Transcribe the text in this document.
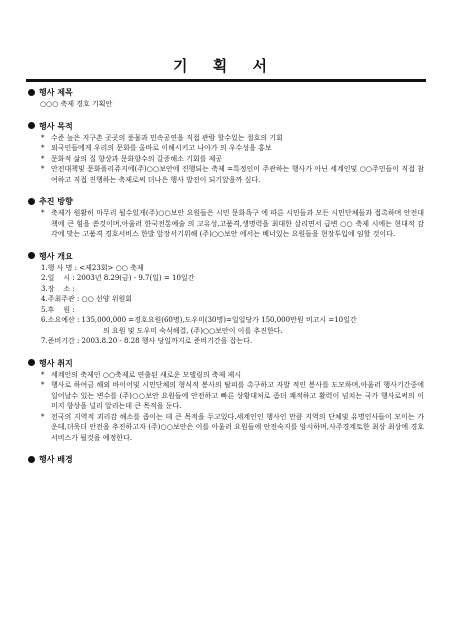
기 획 서
행사 제목
○○○ 축제 경호 기획안
행사 목적
* 수준 높은 지구촌 곳곳의 풍물과 민속공연을 직접 관람 할수있는 절호의 기회
* 외국인들에게 우리의 문화를 올바로 이해시키고 나아가 의 우수성을 홍보
* 문화적 삶의 질 향상과 문화향수의 갈증해소 기회를 제공
* 안전대책및 문화폴리쥬지에(주)○○보안에 진행되는 축제 =특정인이 주관하는 행사가 아닌 세계인및 ○○주민들이 직접 참여하고 직접 진행하는 축제로써 더나은 행사 발전이 되기앞을까 싶다.
추진 방향
* 축제가 원활히 마무리 될수있게(주)○○보안 요원들은 시민 문화욕구 에 따른 시민들과 모든 시민단체들과 접촉하며 안전대책에 큰 힘을 쏟것이며,아울러 한국전통예술 의 고유성,고품격,생명력을 최대한 살리면서 급변 ○○ 축제 시에는 현대적 감각에 맞는 고품격 경호서비스 한발 앞장서기위해 (주)○○보안 에서는 베너있는 요원들을 현장투입에 임할 것이다.
행사 개요
1.행 사 명 : <제23회> ○○ 축제
2.일    시 : 2003년 8.29(금) - 9.7(일) = 10일간
3.장    소 :
4.주최주관 : ○○ 선양 위원회
5.후    원 :
6.소요예산 : 135,000,000 =경호요원(60명),도우미(30명)=일일당가 150,000만원 비고시 =10일간
의 요원 및 도우미 숙식해결, (주)○○보안이 이를 추진한다.
7.준비기간 : 2003.8.20 - 8.28 행사 당일까지로 준비기간을 잡는다.
행사 취지
* 세계인의 축제인 ○○축제로 연출된 새로운 모델링의 축제 제시
* 행사로 하여금 해외 바이어및 시민단체의 형식적 봉사의 탈피를 촉구하고 자발 적인 봉사를 도모하며,아울러 행사기간중에 일어날수 있는 변수를 (주)○○보안 요원들에 안전하고 빠른 상황대처로 좀더 쾌적하고 활력이 넘치는 국가 행사로써의 이미지 향상을 널리 알리는데 큰 목적을 둔다.
* 전국의 지역적 괴리감 해소를 좁이는 데 큰 목적을 두고있다.세계인인 행사인 만큼 지역의 단체및 유명인사들이 모이는 가운데,더욱더 안전을 추진하고자 (주)○○보안은 이를 아울러 요원들에 안전숙지를 암시하며,사주경계토한 최상 최상에 경호 서비스가 될것을 예정한다.
행사 배경
